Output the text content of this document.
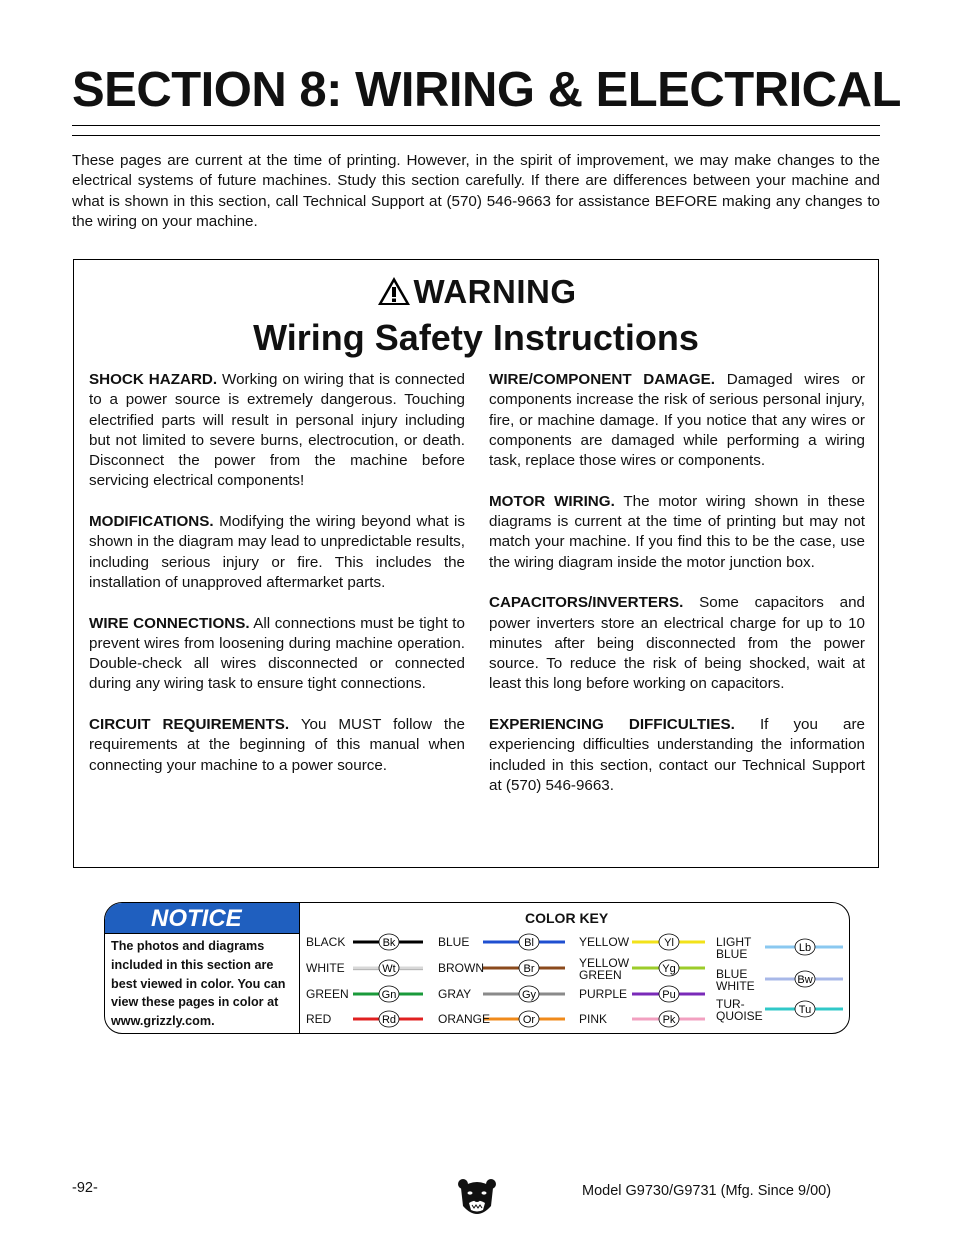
SECTION 8: WIRING & ELECTRICAL

These pages are current at the time of printing. However, in the spirit of improvement, we may make changes to the electrical systems of future machines. Study this section carefully. If there are differences between your machine and what is shown in this section, call Technical Support at (570) 546-9663 for assistance BEFORE making any changes to the wiring on your machine.

WARNING
Wiring Safety Instructions

SHOCK HAZARD. Working on wiring that is connected to a power source is extremely dangerous. Touching electrified parts will result in personal injury including but not limited to severe burns, electrocution, or death. Disconnect the power from the machine before servicing electrical components!

MODIFICATIONS. Modifying the wiring beyond what is shown in the diagram may lead to unpredictable results, including serious injury or fire. This includes the installation of unapproved aftermarket parts.

WIRE CONNECTIONS. All connections must be tight to prevent wires from loosening during machine operation. Double-check all wires disconnected or connected during any wiring task to ensure tight connections.

CIRCUIT REQUIREMENTS. You MUST follow the requirements at the beginning of this manual when connecting your machine to a power source.

WIRE/COMPONENT DAMAGE. Damaged wires or components increase the risk of serious personal injury, fire, or machine damage. If you notice that any wires or components are damaged while performing a wiring task, replace those wires or components.

MOTOR WIRING. The motor wiring shown in these diagrams is current at the time of printing but may not match your machine. If you find this to be the case, use the wiring diagram inside the motor junction box.

CAPACITORS/INVERTERS. Some capacitors and power inverters store an electrical charge for up to 10 minutes after being disconnected from the power source. To reduce the risk of being shocked, wait at least this long before working on capacitors.

EXPERIENCING DIFFICULTIES. If you are experiencing difficulties understanding the information included in this section, contact our Technical Support at (570) 546-9663.

NOTICE
The photos and diagrams included in this section are best viewed in color. You can view these pages in color at www.grizzly.com.
COLOR KEY
Bk
Wt
Gn
Rd
Bl
Br
Gy
Or
Yl
Yg
Pu
Pk
Lb
Bw
Tu
BLACK
WHITE
GREEN
RED
BLUE
BROWN
GRAY
ORANGE
YELLOW
YELLOW
GREEN
PURPLE
PINK
LIGHT
BLUE
BLUE
WHITE
TUR-
QUOISE
-92-	Model G9730/G9731 (Mfg. Since 9/00)
